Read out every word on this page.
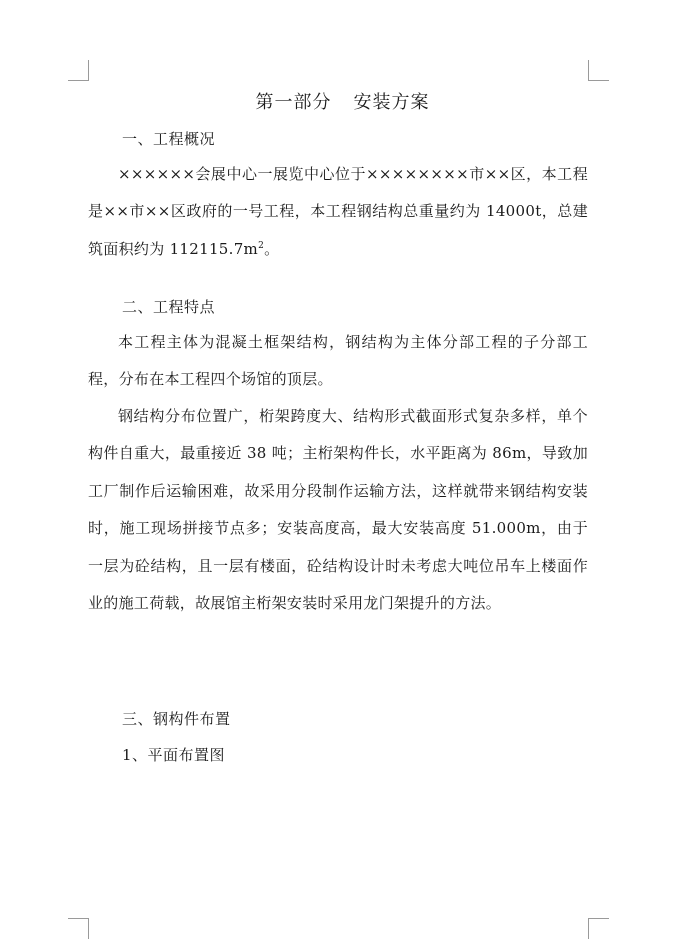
第一部分 安装方案
一、工程概况
××××××会展中心一展览中心位于××××××××市××区，本工程是××市××区政府的一号工程，本工程钢结构总重量约为 14000t，总建筑面积约为 $112115.7m^2$。
二、工程特点
本工程主体为混凝土框架结构，钢结构为主体分部工程的子分部工程，分布在本工程四个场馆的顶层。
钢结构分布位置广，桁架跨度大、结构形式截面形式复杂多样，单个构件自重大，最重接近 38 吨；主桁架构件长，水平距离为 86m，导致加工厂制作后运输困难，故采用分段制作运输方法，这样就带来钢结构安装时，施工现场拼接节点多；安装高度高，最大安装高度 51.000m，由于一层为砼结构，且一层有楼面，砼结构设计时未考虑大吨位吊车上楼面作业的施工荷载，故展馆主桁架安装时采用龙门架提升的方法。
三、钢构件布置
1、平面布置图
